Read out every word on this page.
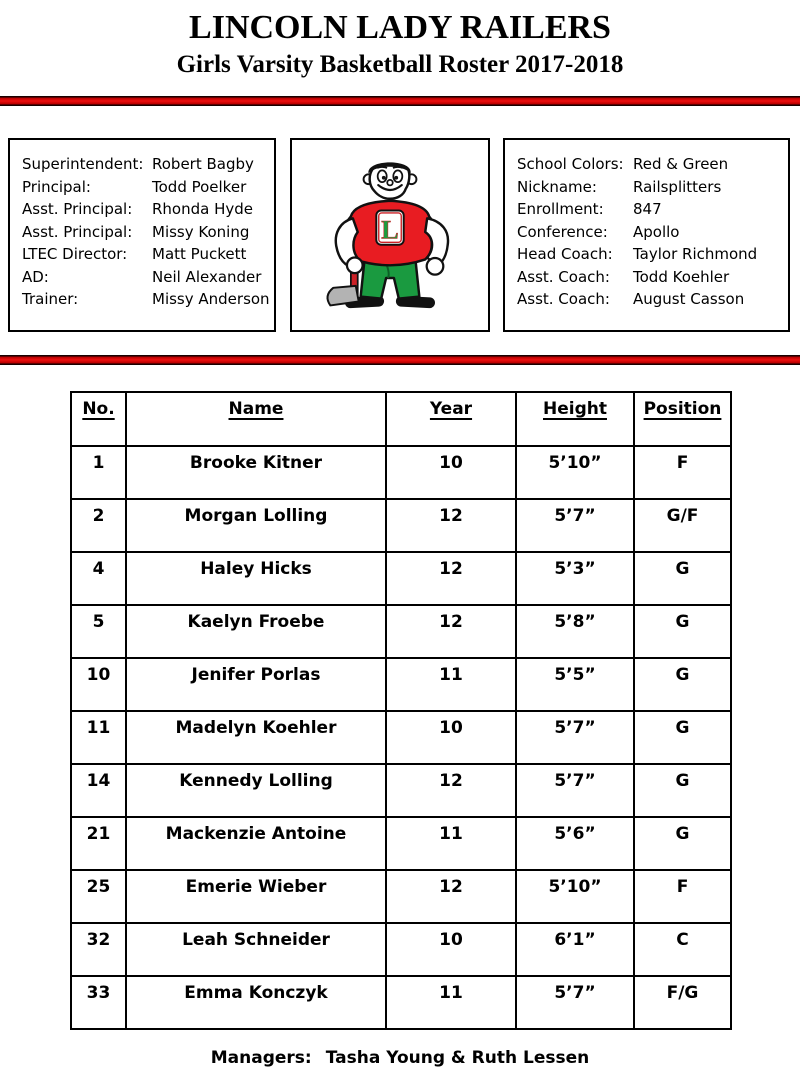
LINCOLN LADY RAILERS
Girls Varsity Basketball Roster 2017-2018
Superintendent: Robert Bagby
Principal:	Todd Poelker
Asst. Principal:	Rhonda Hyde
Asst. Principal:	Missy Koning
LTEC Director:	Matt Puckett
AD:	Neil Alexander
Trainer:	Missy Anderson
L
School Colors: Red & Green
Nickname:	Railsplitters
Enrollment:	847
Conference:	Apollo
Head Coach:	Taylor Richmond
Asst. Coach:	Todd Koehler
Asst. Coach:	August Casson
No.	Name	Year	Height	Position
1	Brooke Kitner	10	5’10”	F
2	Morgan Lolling	12	5’7”	G/F
4	Haley Hicks	12	5’3”	G
5	Kaelyn Froebe	12	5’8”	G
10	Jenifer Porlas	11	5’5”	G
11	Madelyn Koehler	10	5’7”	G
14	Kennedy Lolling	12	5’7”	G
21	Mackenzie Antoine	11	5’6”	G
25	Emerie Wieber	12	5’10”	F
32	Leah Schneider	10	6’1”	C
33	Emma Konczyk	11	5’7”	F/G
Managers: Tasha Young & Ruth Lessen
